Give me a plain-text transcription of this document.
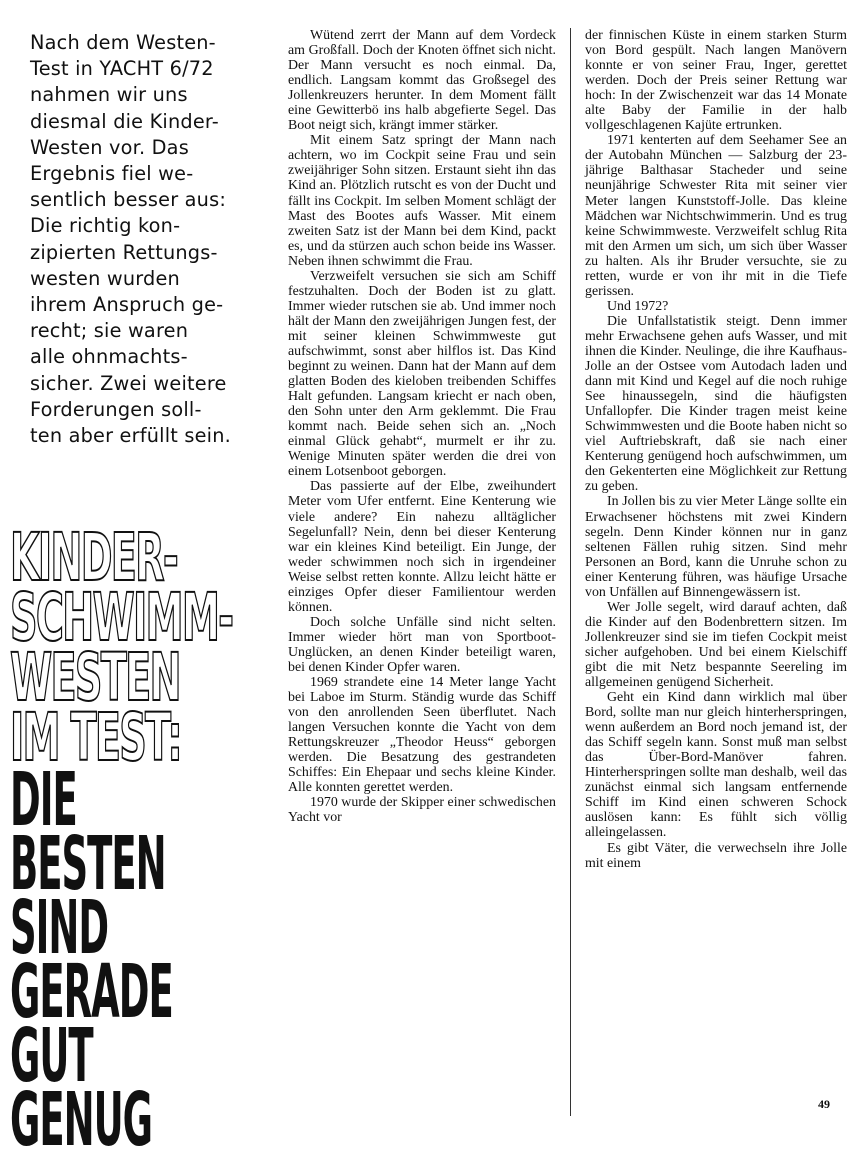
Nach dem Westen-
Test in YACHT 6/72
nahmen wir uns
diesmal die Kinder-
Westen vor. Das
Ergebnis fiel we-
sentlich besser aus:
Die richtig kon-
zipierten Rettungs-
westen wurden
ihrem Anspruch ge-
recht; sie waren
alle ohnmachts-
sicher. Zwei weitere
Forderungen soll-
ten aber erfüllt sein.
KINDER-
SCHWIMM-
WESTEN
IM TEST:
DIE
BESTEN
SIND
GERADE
GUT
GENUG

Wütend zerrt der Mann auf dem Vordeck am Großfall. Doch der Knoten öffnet sich nicht. Der Mann versucht es noch einmal. Da, endlich. Langsam kommt das Großsegel des Jollenkreuzers herunter. In dem Moment fällt eine Gewitterbö ins halb abgefierte Segel. Das Boot neigt sich, krängt immer stärker.

Mit einem Satz springt der Mann nach achtern, wo im Cockpit seine Frau und sein zweijähriger Sohn sitzen. Erstaunt sieht ihn das Kind an. Plötzlich rutscht es von der Ducht und fällt ins Cockpit. Im selben Moment schlägt der Mast des Bootes aufs Wasser. Mit einem zweiten Satz ist der Mann bei dem Kind, packt es, und da stürzen auch schon beide ins Wasser. Neben ihnen schwimmt die Frau.

Verzweifelt versuchen sie sich am Schiff festzuhalten. Doch der Boden ist zu glatt. Immer wieder rutschen sie ab. Und immer noch hält der Mann den zweijährigen Jungen fest, der mit seiner kleinen Schwimmweste gut aufschwimmt, sonst aber hilflos ist. Das Kind beginnt zu weinen. Dann hat der Mann auf dem glatten Boden des kieloben treibenden Schiffes Halt gefunden. Langsam kriecht er nach oben, den Sohn unter den Arm geklemmt. Die Frau kommt nach. Beide sehen sich an. „Noch einmal Glück gehabt“, murmelt er ihr zu. Wenige Minuten später werden die drei von einem Lotsenboot geborgen.

Das passierte auf der Elbe, zweihundert Meter vom Ufer entfernt. Eine Kenterung wie viele andere? Ein nahezu alltäglicher Segelunfall? Nein, denn bei dieser Kenterung war ein kleines Kind beteiligt. Ein Junge, der weder schwimmen noch sich in irgendeiner Weise selbst retten konnte. Allzu leicht hätte er einziges Opfer dieser Familientour werden können.

Doch solche Unfälle sind nicht selten. Immer wieder hört man von Sportboot-Unglücken, an denen Kinder beteiligt waren, bei denen Kinder Opfer waren.

1969 strandete eine 14 Meter lange Yacht bei Laboe im Sturm. Ständig wurde das Schiff von den anrollenden Seen überflutet. Nach langen Versuchen konnte die Yacht von dem Rettungskreuzer „Theodor Heuss“ geborgen werden. Die Besatzung des gestrandeten Schiffes: Ein Ehepaar und sechs kleine Kinder. Alle konnten gerettet werden.

1970 wurde der Skipper einer schwedischen Yacht vor

der finnischen Küste in einem starken Sturm von Bord gespült. Nach langen Manövern konnte er von seiner Frau, Inger, gerettet werden. Doch der Preis seiner Rettung war hoch: In der Zwischenzeit war das 14 Monate alte Baby der Familie in der halb vollgeschlagenen Kajüte ertrunken.

1971 kenterten auf dem Seehamer See an der Autobahn München — Salzburg der 23-jährige Balthasar Stacheder und seine neunjährige Schwester Rita mit seiner vier Meter langen Kunststoff-Jolle. Das kleine Mädchen war Nichtschwimmerin. Und es trug keine Schwimmweste. Verzweifelt schlug Rita mit den Armen um sich, um sich über Wasser zu halten. Als ihr Bruder versuchte, sie zu retten, wurde er von ihr mit in die Tiefe gerissen.

Und 1972?

Die Unfallstatistik steigt. Denn immer mehr Erwachsene gehen aufs Wasser, und mit ihnen die Kinder. Neulinge, die ihre Kaufhaus-Jolle an der Ostsee vom Autodach laden und dann mit Kind und Kegel auf die noch ruhige See hinaussegeln, sind die häufigsten Unfallopfer. Die Kinder tragen meist keine Schwimmwesten und die Boote haben nicht so viel Auftriebskraft, daß sie nach einer Kenterung genügend hoch aufschwimmen, um den Gekenterten eine Möglichkeit zur Rettung zu geben.

In Jollen bis zu vier Meter Länge sollte ein Erwachsener höchstens mit zwei Kindern segeln. Denn Kinder können nur in ganz seltenen Fällen ruhig sitzen. Sind mehr Personen an Bord, kann die Unruhe schon zu einer Kenterung führen, was häufige Ursache von Unfällen auf Binnengewässern ist.

Wer Jolle segelt, wird darauf achten, daß die Kinder auf den Bodenbrettern sitzen. Im Jollenkreuzer sind sie im tiefen Cockpit meist sicher aufgehoben. Und bei einem Kielschiff gibt die mit Netz bespannte Seereling im allgemeinen genügend Sicherheit.

Geht ein Kind dann wirklich mal über Bord, sollte man nur gleich hinterherspringen, wenn außerdem an Bord noch jemand ist, der das Schiff segeln kann. Sonst muß man selbst das Über-Bord-Manöver fahren. Hinterherspringen sollte man deshalb, weil das zunächst einmal sich langsam entfernende Schiff im Kind einen schweren Schock auslösen kann: Es fühlt sich völlig alleingelassen.

Es gibt Väter, die verwechseln ihre Jolle mit einem

49
